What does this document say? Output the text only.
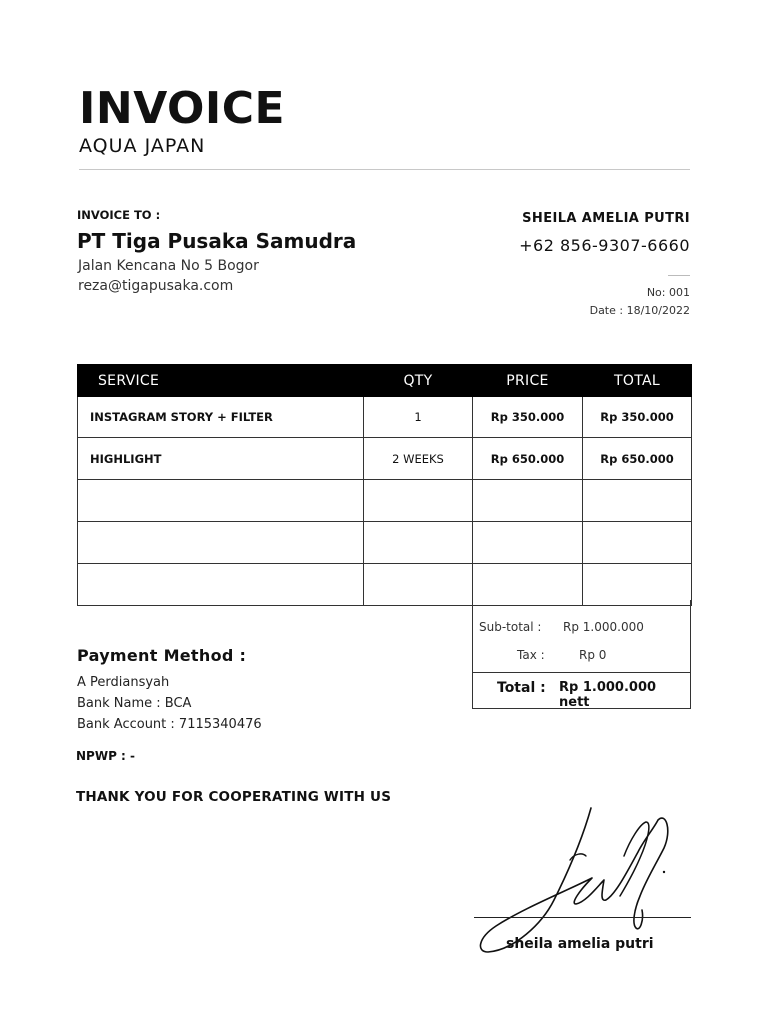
INVOICE
AQUA JAPAN
INVOICE TO :
PT Tiga Pusaka Samudra
Jalan Kencana No 5 Bogor
reza@tigapusaka.com
SHEILA AMELIA PUTRI
+62 856-9307-6660
No: 001
Date : 18/10/2022
SERVICE	QTY	PRICE	TOTAL
INSTAGRAM STORY + FILTER	1	Rp 350.000	Rp 350.000
HIGHLIGHT	2 WEEKS	Rp 650.000	Rp 650.000

Sub-total : Rp 1.000.000
Tax :	Rp 0
Total : Rp 1.000.000 nett
Payment Method :
A Perdiansyah
Bank Name : BCA
Bank Account : 7115340476
NPWP : -
THANK YOU FOR COOPERATING WITH US
sheila amelia putri
